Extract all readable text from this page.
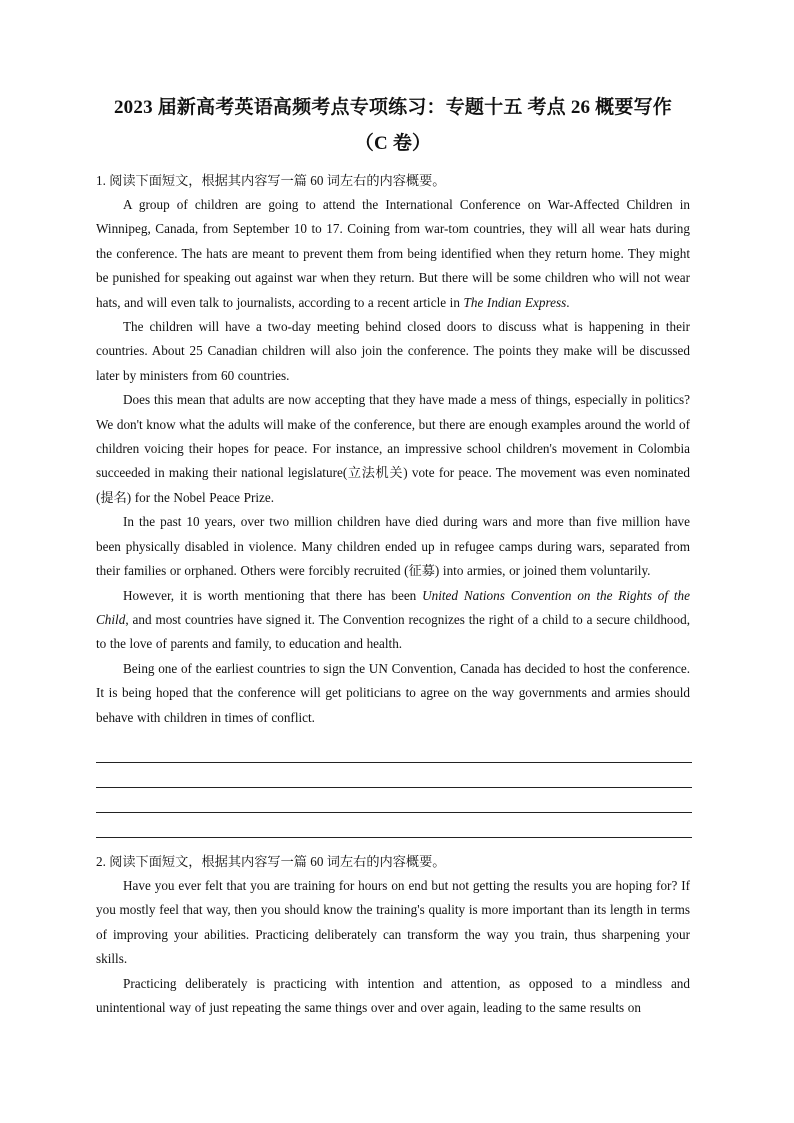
2023 届新高考英语高频考点专项练习：专题十五 考点 26 概要写作
（C 卷）

1. 阅读下面短文，根据其内容写一篇 60 词左右的内容概要。

A group of children are going to attend the International Conference on War-Affected Children in Winnipeg, Canada, from September 10 to 17. Coining from war-tom countries, they will all wear hats during the conference. The hats are meant to prevent them from being identified when they return home. They might be punished for speaking out against war when they return. But there will be some children who will not wear hats, and will even talk to journalists, according to a recent article in The Indian Express.

The children will have a two-day meeting behind closed doors to discuss what is happening in their countries. About 25 Canadian children will also join the conference. The points they make will be discussed later by ministers from 60 countries.

Does this mean that adults are now accepting that they have made a mess of things, especially in politics? We don't know what the adults will make of the conference, but there are enough examples around the world of children voicing their hopes for peace. For instance, an impressive school children's movement in Colombia succeeded in making their national legislature(立法机关) vote for peace. The movement was even nominated (提名) for the Nobel Peace Prize.

In the past 10 years, over two million children have died during wars and more than five million have been physically disabled in violence. Many children ended up in refugee camps during wars, separated from their families or orphaned. Others were forcibly recruited (征募) into armies, or joined them voluntarily.

However, it is worth mentioning that there has been United Nations Convention on the Rights of the Child, and most countries have signed it. The Convention recognizes the right of a child to a secure childhood, to the love of parents and family, to education and health.

Being one of the earliest countries to sign the UN Convention, Canada has decided to host the conference. It is being hoped that the conference will get politicians to agree on the way governments and armies should behave with children in times of conflict.

2. 阅读下面短文，根据其内容写一篇 60 词左右的内容概要。

Have you ever felt that you are training for hours on end but not getting the results you are hoping for? If you mostly feel that way, then you should know the training's quality is more important than its length in terms of improving your abilities. Practicing deliberately can transform the way you train, thus sharpening your skills.

Practicing deliberately is practicing with intention and attention, as opposed to a mindless and unintentional way of just repeating the same things over and over again, leading to the same results on
